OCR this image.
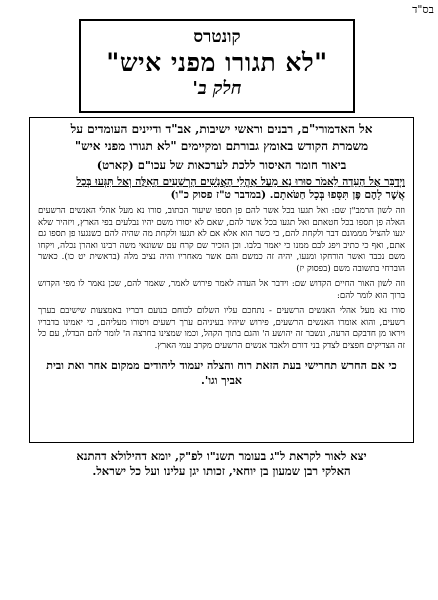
בס"ד
קונטרס
"לא תגורו מפני איש"
חלק ב'

אל האדמורי"ם, רבנים וראשי ישיבות, אב"ד ודיינים העומדים על

משמרת הקודש באומץ גבורתם ומקיימים "לא תגורו מפני איש"

ביאור חומר האיסור ללכת לערכאות של עכו"ם (קארט)

וַיְדַבֵּר אֶל הָעֵדָה לֵאמֹר סוּרוּ נָא מֵעַל אָהֳלֵי הָאֲנָשִׁים הָרְשָׁעִים הָאֵלֶּה וְאַל תִּגְּעוּ בְּכָל

אֲשֶׁר לָהֶם פֶּן תִּסָּפוּ בְּכָל חַטֹּאתָם. (במדבר ט"ז פסוק כ"ו)

וזה לשון הרמב"ן שם: ואל תגעו בכל אשר להם פן תספו שיעור הכתוב, סורו נא מעל אהלי האנשים הרשעים האלה פן תספו בכל חטאתם ואל תגעו בכל אשר להם, שאם לא יסורו משם יהיו נבלעים בפי הארץ, ויזהיר שלא יגעו להציל מממונם דבר ולקחת להם, כי כשר הוא אלא אם לא תגעו ולקחת מה שהיה להם כשנגעו פן תספו גם אתם, ואף כי כתיב ויפג לבם ממנו כי יאמר בלבו. וכן הזכיר שם קרח עם ששונאי משה רבינו ואהרן נכלה, ויקחו משם נכבד ואשר הורחקו ומנעו, יהיה זה כמשם והם אשר מאחריו והיה נציב מלה (בראשית יט כו). כאשר הוברחי בתשובה משם (בפסוק יז)

וזה לשון האור החיים הקדוש שם: וידבר אל העדה לאמר פירוש לאמר, שאמר להם, שכן נאמר לו מפי הקדוש ברוך הוא לומר להם:

סורו נא מעל אהלי האנשים הרשעים - נתחכם עליו השלום לכוחם בנועם דבריו באמצעות שישיבם בערך רשעים, והוא אומרו האנשים הרשעים, פירוש שיהיו בעיניהם ערך רשעים ויסורו מעליהם, כי יאמינו בדבריו ויראו מן חדבקם הרעה, ונשבר זה יהושע ה' והגם בתוך הקהל, וכמו שמצינו בחרצה ה' לומר להם הבדלו, עם כל זה הצדיקים חפצים לצדק בני דורם ולאבד אנשים הרשעים מקרב עמי הארץ.

כי אם החרש תחרישי בעת הזאת רוח והצלה יעמוד ליהודים ממקום אחר ואת ובית אביך וגו'.

יצא לאור לקראת ל"ג בעומר תשנ"ו לפ"ק, יומא דהילולא דהתנא
האלקי רבן שמעון בן יוחאי, זכותו יגן עלינו ועל כל ישראל.
